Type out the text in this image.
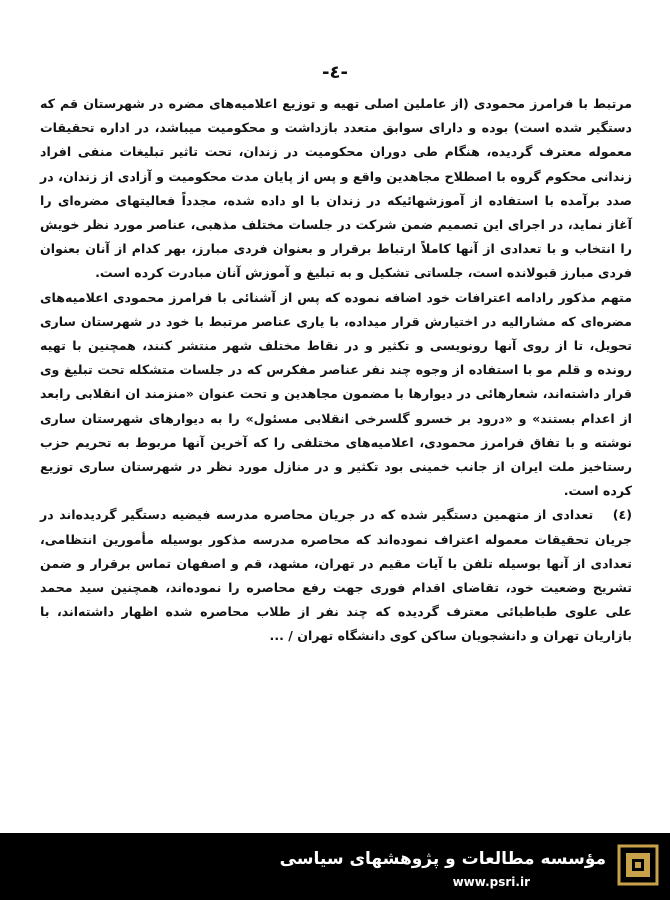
-٤-

مرتبط با فرامرز محمودی (از عاملین اصلی تهیه و توزیع اعلامیه‌های مضره در شهرستان قم که دستگیر شده است) بوده و دارای سوابق متعدد بازداشت و محکومیت میباشد، در اداره تحقیقات معموله معترف گردیده، هنگام طی دوران محکومیت در زندان، تحت تاثیر تبلیغات منفی افراد زندانی محکوم گروه با اصطلاح مجاهدین واقع و پس از پایان مدت محکومیت و آزادی از زندان، در صدد برآمده با استفاده از آموزشهائیکه در زندان با او داده شده، مجدداً فعالیتهای مضره‌ای را آغاز نماید، در اجرای این تصمیم ضمن شرکت در جلسات مختلف مذهبی، عناصر مورد نظر خویش را انتخاب و با تعدادی از آنها کاملاً ارتباط برقرار و بعنوان فردی مبارز، بهر کدام از آنان بعنوان فردی مبارز قبولانده است، جلساتی تشکیل و به تبلیغ و آموزش آنان مبادرت کرده است.

متهم مذکور رادامه اعترافات خود اضافه نموده که پس از آشنائی با فرامرز محمودی اعلامیه‌های مضره‌ای که مشارالیه در اختیارش قرار میداده، با یاری عناصر مرتبط با خود در شهرستان ساری تحویل، تا از روی آنها رونویسی و تکثیر و در نقاط مختلف شهر منتشر کنند، همچنین با تهیه رونده و قلم مو با استفاده از وجوه چند نفر عناصر مفکرس که در جلسات متشکله تحت تبلیغ وی قرار داشته‌اند، شعارهائی در دیوارها با مضمون مجاهدین و تحت عنوان «منزمند ان انقلابی رابعد از اعدام بستند» و «درود بر خسرو گلسرخی انقلابی مسئول» را به دیوارهای شهرستان ساری نوشته و با تفاق فرامرز محمودی، اعلامیه‌های مختلفی را که آخرین آنها مربوط به تحریم حزب رستاخیز ملت ایران از جانب خمینی بود تکثیر و در منازل مورد نظر در شهرستان ساری توزیع کرده است.

(٤) تعدادی از متهمین دستگیر شده که در جریان محاصره مدرسه فیضیه دستگیر گردیده‌اند در جریان تحقیقات معموله اعتراف نموده‌اند که محاصره مدرسه مذکور بوسیله مأمورین انتظامی، تعدادی از آنها بوسیله تلفن با آیات مقیم در تهران، مشهد، قم و اصفهان تماس برقرار و ضمن تشریح وضعیت خود، تقاضای اقدام فوری جهت رفع محاصره را نموده‌اند، همچنین سید محمد علی علوی طباطبائی معترف گردیده که چند نفر از طلاب محاصره شده اظهار داشته‌اند، با بازاریان تهران و دانشجویان ساکن کوی دانشگاه تهران / ...

مؤسسه مطالعات و پژوهشهای سیاسی
www.psri.ir
